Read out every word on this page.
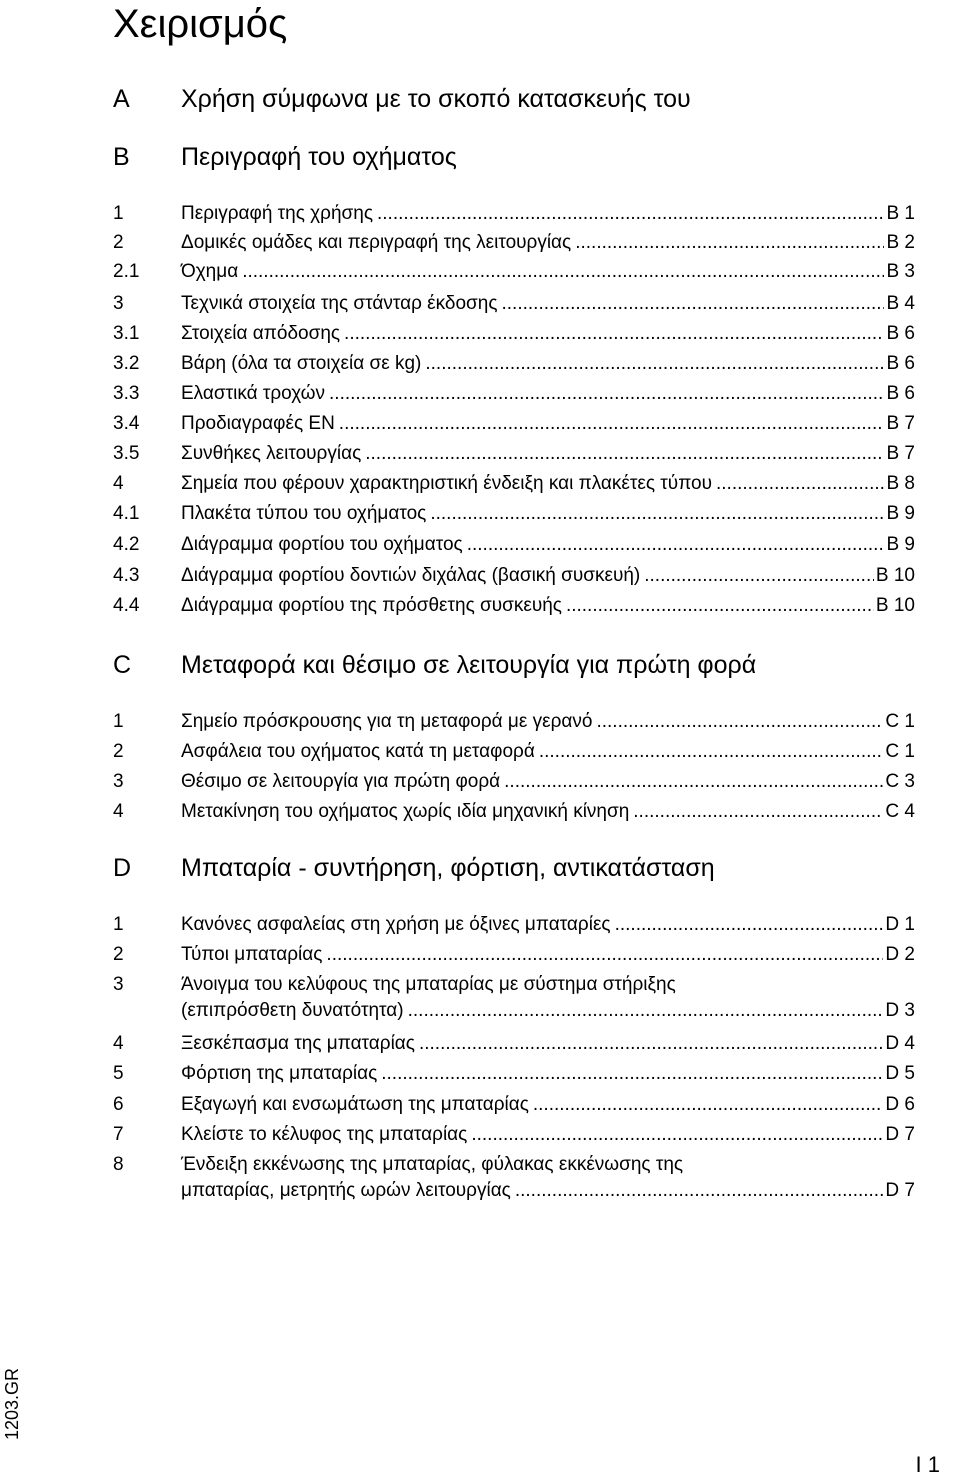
Χειρισμός
A Χρήση σύμφωνα με το σκοπό κατασκευής του
B Περιγραφή του οχήματος
1	Περιγραφή της χρήσης .....	B 1
2	Δομικές ομάδες και περιγραφή της λειτουργίας .....	B 2
2.1 Όχημα .....	B 3
3	Τεχνικά στοιχεία της στάνταρ έκδοσης .....	B 4
3.1 Στοιχεία απόδοσης .....	B 6
3.2 Βάρη (όλα τα στοιχεία σε kg) .....	B 6
3.3 Ελαστικά τροχών .....	B 6
3.4 Προδιαγραφές EN .....	B 7
3.5 Συνθήκες λειτουργίας .....	B 7
4	Σημεία που φέρουν χαρακτηριστική ένδειξη και πλακέτες τύπου .....	B 8
4.1 Πλακέτα τύπου του οχήματος .....	B 9
4.2 Διάγραμμα φορτίου του οχήματος .....	B 9
4.3 Διάγραμμα φορτίου δοντιών διχάλας (βασική συσκευή) .....	B 10
4.4 Διάγραμμα φορτίου της πρόσθετης συσκευής .....	B 10
C Μεταφορά και θέσιμο σε λειτουργία για πρώτη φορά
1	Σημείο πρόσκρουσης για τη μεταφορά με γερανό .....	C 1
2	Ασφάλεια του οχήματος κατά τη μεταφορά .....	C 1
3	Θέσιμο σε λειτουργία για πρώτη φορά .....	C 3
4	Μετακίνηση του οχήματος χωρίς ιδία μηχανική κίνηση .....	C 4
D Μπαταρία - συντήρηση, φόρτιση, αντικατάσταση
1	Κανόνες ασφαλείας στη χρήση με όξινες μπαταρίες .....	D 1
2	Τύποι μπαταρίας .....	D 2
3	Άνοιγμα του κελύφους της μπαταρίας με σύστημα στήριξης
(επιπρόσθετη δυνατότητα) .....	D 3
4	Ξεσκέπασμα της μπαταρίας .....	D 4
5	Φόρτιση της μπαταρίας .....	D 5
6	Εξαγωγή και ενσωμάτωση της μπαταρίας .....	D 6
7	Κλείστε το κέλυφος της μπαταρίας .....	D 7
8	Ένδειξη εκκένωσης της μπαταρίας, φύλακας εκκένωσης της
μπαταρίας, μετρητής ωρών λειτουργίας .....	D 7
1203.GR
I 1
